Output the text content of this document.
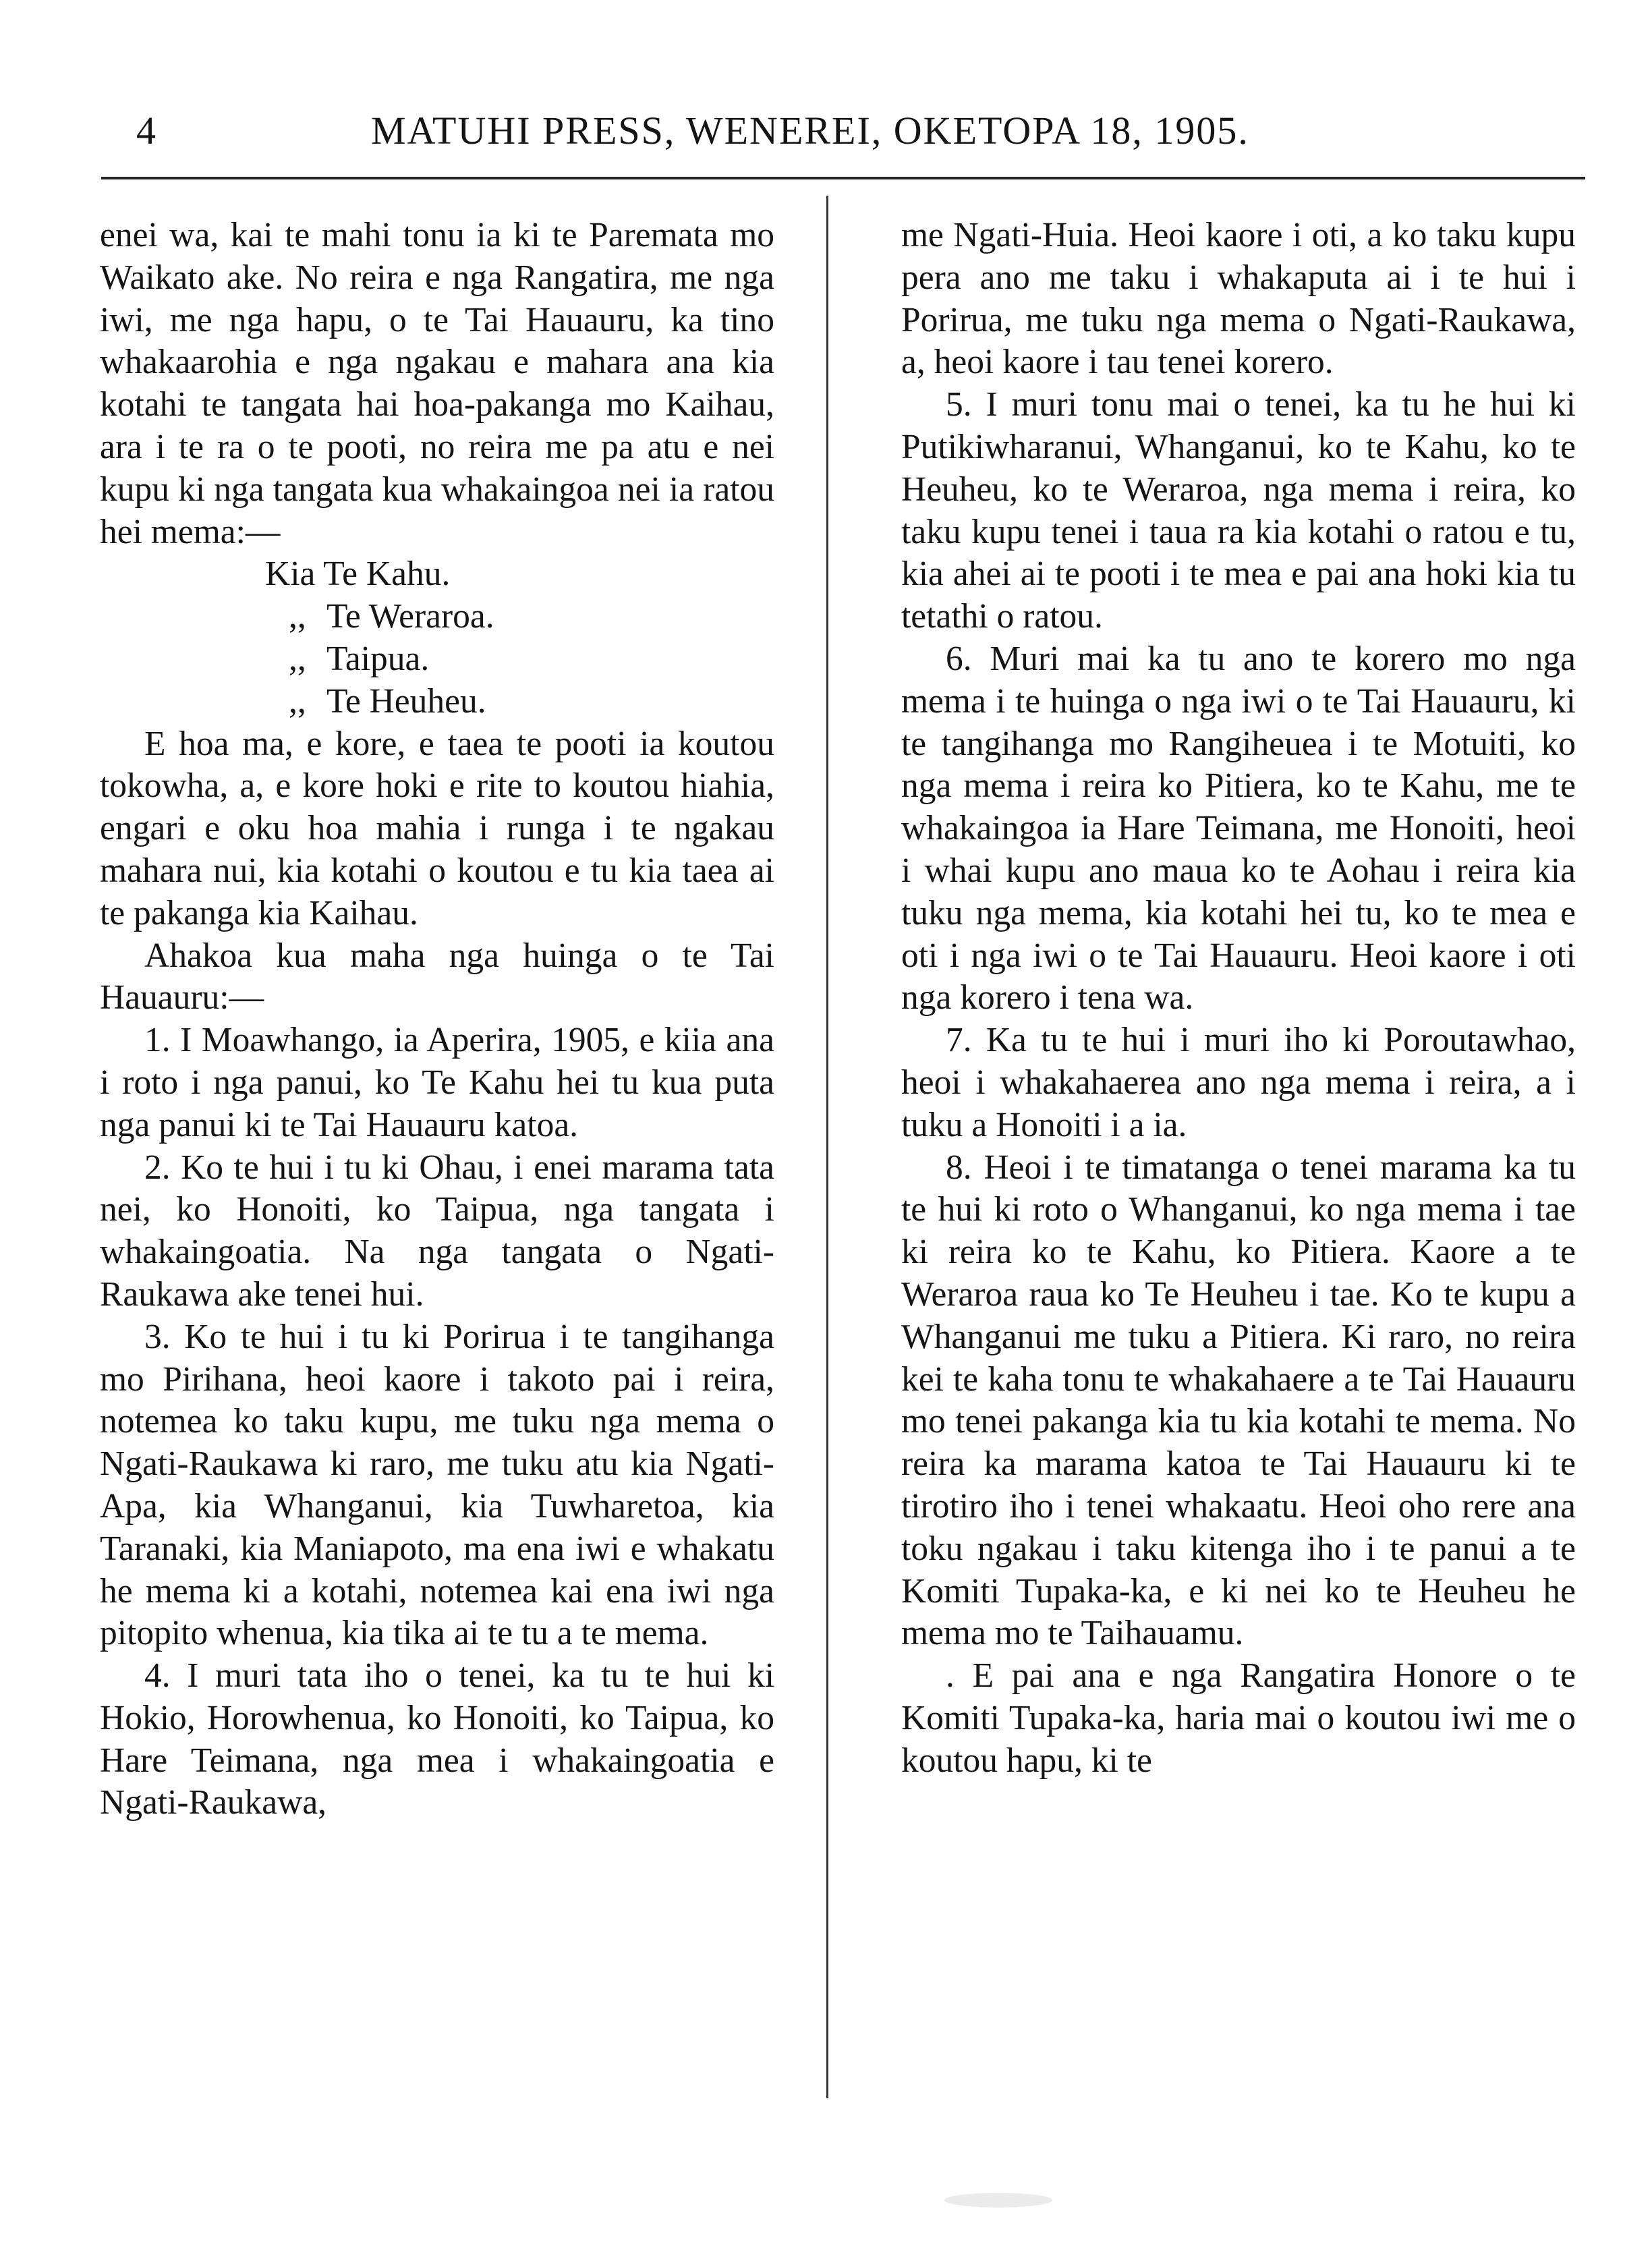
4	MATUHI PRESS, WENEREI, OKETOPA 18, 1905.

enei wa, kai te mahi tonu ia ki te Paremata mo Waikato ake. No reira e nga Rangatira, me nga iwi, me nga hapu, o te Tai Hauauru, ka tino whakaarohia e nga ngakau e mahara ana kia kotahi te tangata hai hoa-pakanga mo Kaihau, ara i te ra o te pooti, no reira me pa atu e nei kupu ki nga tangata kua whakaingoa nei ia ratou hei mema:—

Kia Te Kahu.
,, Te Weraroa.
,, Taipua.
,, Te Heuheu.

E hoa ma, e kore, e taea te pooti ia koutou tokowha, a, e kore hoki e rite to koutou hiahia, engari e oku hoa mahia i runga i te ngakau mahara nui, kia kotahi o koutou e tu kia taea ai te pakanga kia Kaihau.

Ahakoa kua maha nga huinga o te Tai Hauauru:—

1. I Moawhango, ia Aperira, 1905, e kiia ana i roto i nga panui, ko Te Kahu hei tu kua puta nga panui ki te Tai Hauauru katoa.

2. Ko te hui i tu ki Ohau, i enei marama tata nei, ko Honoiti, ko Taipua, nga tangata i whakaingoatia. Na nga tangata o Ngati-Raukawa ake tenei hui.

3. Ko te hui i tu ki Porirua i te tangihanga mo Pirihana, heoi kaore i takoto pai i reira, notemea ko taku kupu, me tuku nga mema o Ngati-Raukawa ki raro, me tuku atu kia Ngati-Apa, kia Whanganui, kia Tuwharetoa, kia Taranaki, kia Maniapoto, ma ena iwi e whakatu he mema ki a kotahi, notemea kai ena iwi nga pitopito whenua, kia tika ai te tu a te mema.

4. I muri tata iho o tenei, ka tu te hui ki Hokio, Horowhenua, ko Honoiti, ko Taipua, ko Hare Teimana, nga mea i whakaingoatia e Ngati-Raukawa,

me Ngati-Huia. Heoi kaore i oti, a ko taku kupu pera ano me taku i whakaputa ai i te hui i Porirua, me tuku nga mema o Ngati-Raukawa, a, heoi kaore i tau tenei korero.

5. I muri tonu mai o tenei, ka tu he hui ki Putikiwharanui, Whanganui, ko te Kahu, ko te Heuheu, ko te Weraroa, nga mema i reira, ko taku kupu tenei i taua ra kia kotahi o ratou e tu, kia ahei ai te pooti i te mea e pai ana hoki kia tu tetathi o ratou.

6. Muri mai ka tu ano te korero mo nga mema i te huinga o nga iwi o te Tai Hauauru, ki te tangihanga mo Rangiheuea i te Motuiti, ko nga mema i reira ko Pitiera, ko te Kahu, me te whakaingoa ia Hare Teimana, me Honoiti, heoi i whai kupu ano maua ko te Aohau i reira kia tuku nga mema, kia kotahi hei tu, ko te mea e oti i nga iwi o te Tai Hauauru. Heoi kaore i oti nga korero i tena wa.

7. Ka tu te hui i muri iho ki Poroutawhao, heoi i whakahaerea ano nga mema i reira, a i tuku a Honoiti i a ia.

8. Heoi i te timatanga o tenei marama ka tu te hui ki roto o Whanganui, ko nga mema i tae ki reira ko te Kahu, ko Pitiera. Kaore a te Weraroa raua ko Te Heuheu i tae. Ko te kupu a Whanganui me tuku a Pitiera. Ki raro, no reira kei te kaha tonu te whakahaere a te Tai Hauauru mo tenei pakanga kia tu kia kotahi te mema. No reira ka marama katoa te Tai Hauauru ki te tirotiro iho i tenei whakaatu. Heoi oho rere ana toku ngakau i taku kitenga iho i te panui a te Komiti Tupaka-ka, e ki nei ko te Heuheu he mema mo te Taihauamu.

. E pai ana e nga Rangatira Honore o te Komiti Tupaka-ka, haria mai o koutou iwi me o koutou hapu, ki te
